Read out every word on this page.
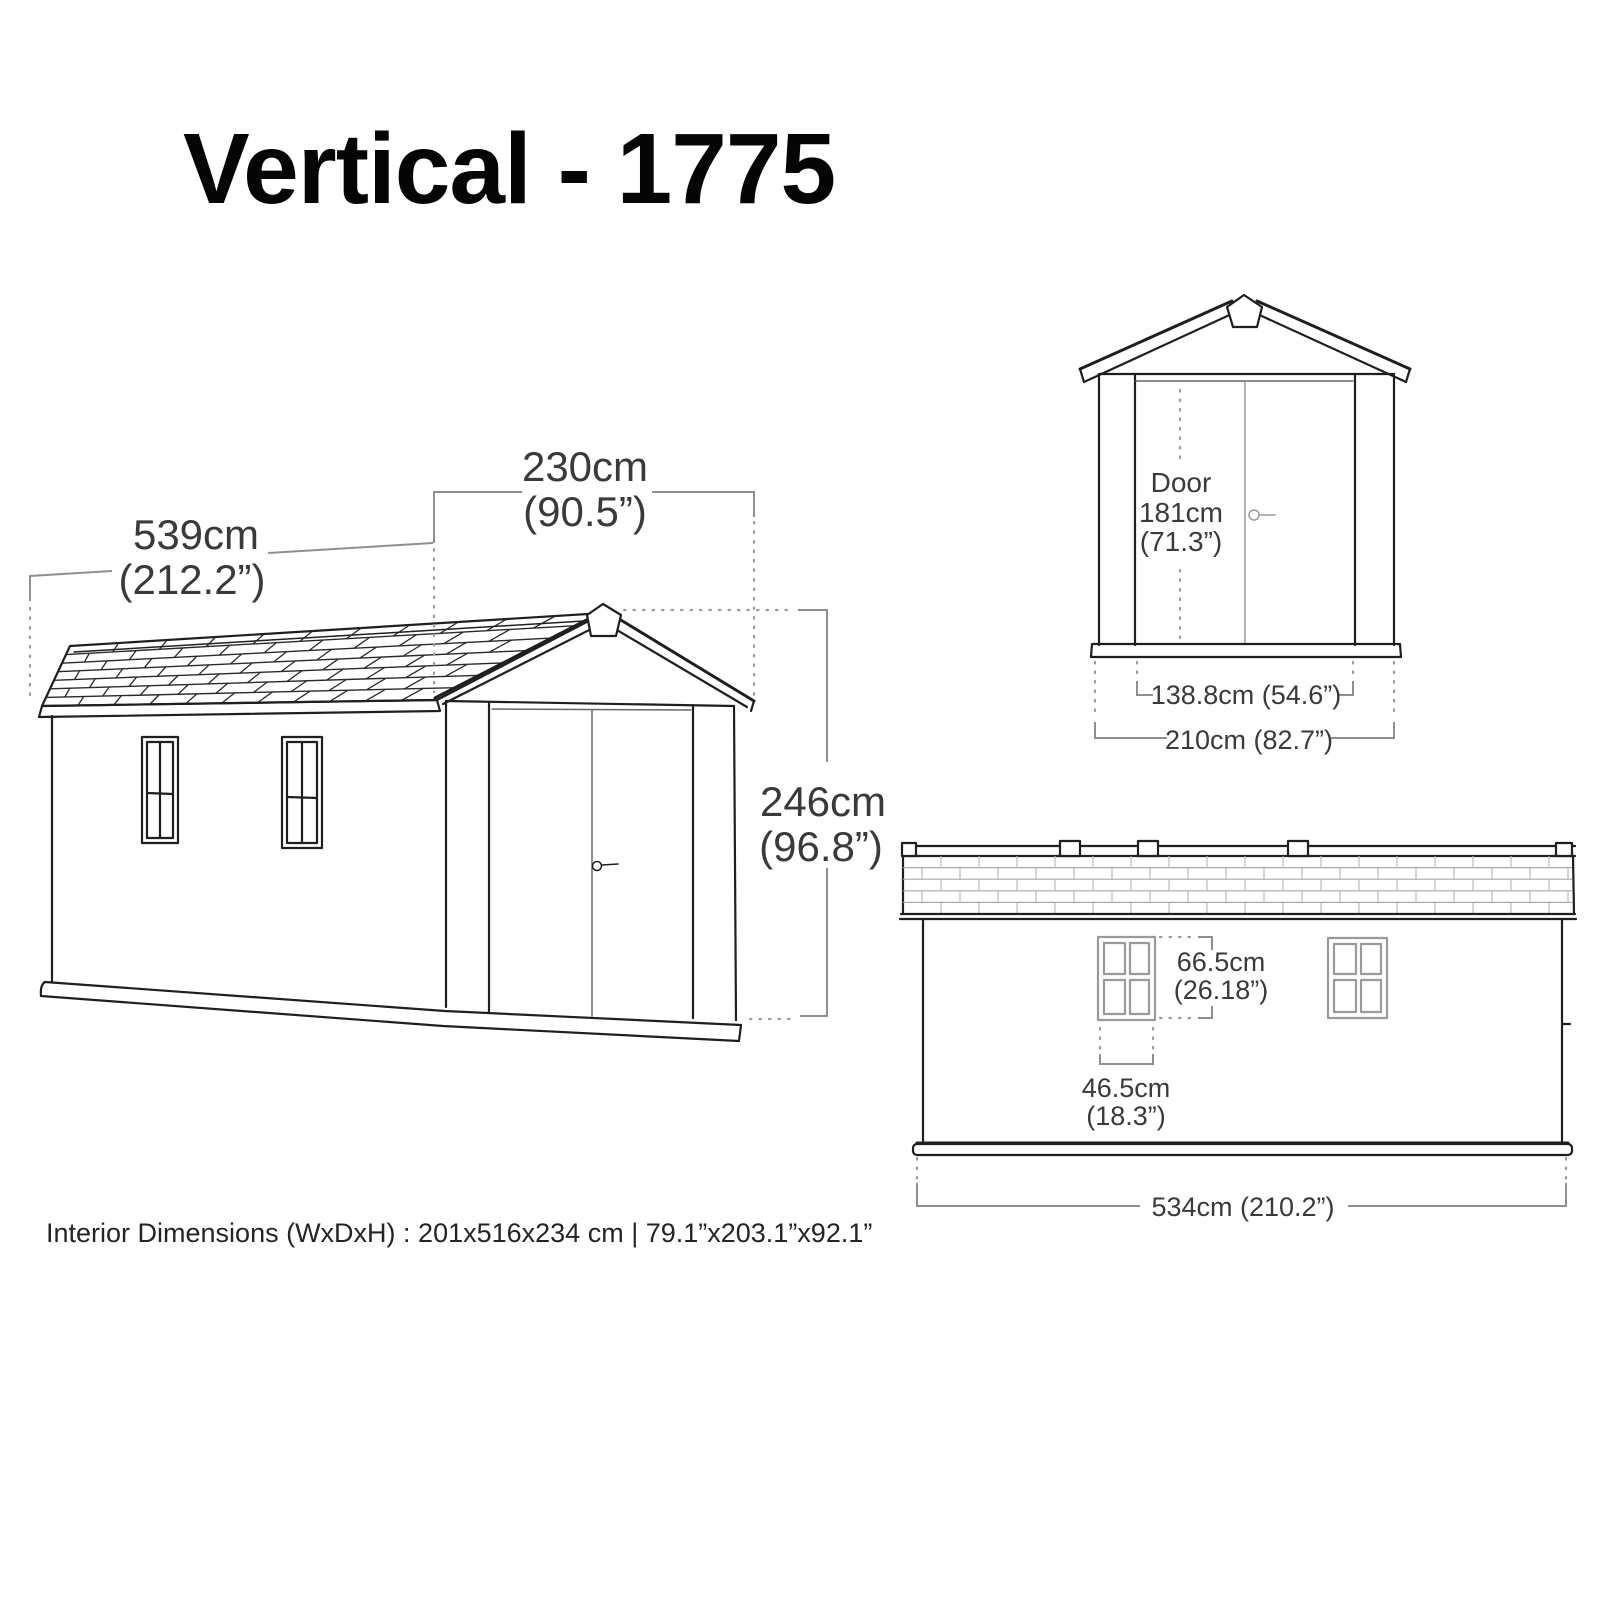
Vertical - 1775
539cm
(212.2”)
230cm
(90.5”)
246cm
(96.8”)
Door
181cm
(71.3”)
138.8cm (54.6”)
210cm (82.7”)
66.5cm
(26.18”)
46.5cm
(18.3”)
534cm (210.2”)
Interior Dimensions (WxDxH) : 201x516x234 cm | 79.1”x203.1”x92.1”
